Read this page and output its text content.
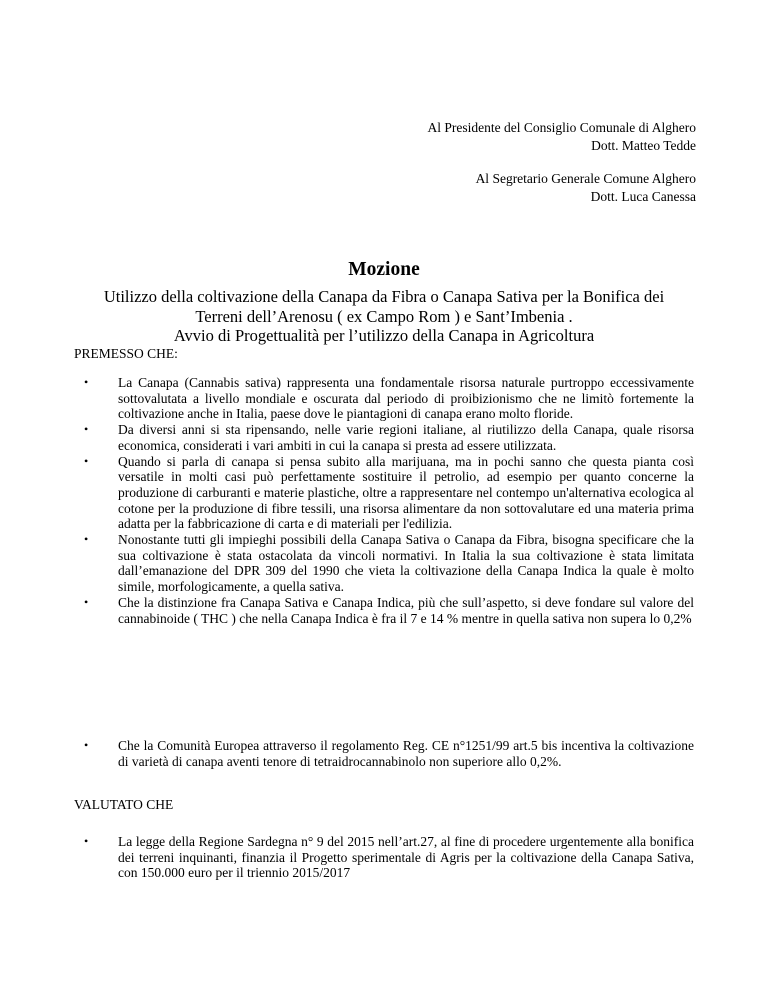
Al Presidente del Consiglio Comunale di Alghero
Dott. Matteo Tedde
Al Segretario Generale Comune Alghero
Dott. Luca Canessa
Mozione
Utilizzo della coltivazione della Canapa da Fibra o Canapa Sativa per la Bonifica dei
Terreni dell’Arenosu ( ex Campo Rom ) e Sant’Imbenia .
Avvio di Progettualità per l’utilizzo della Canapa in Agricoltura
PREMESSO CHE:
• La Canapa (Cannabis sativa) rappresenta una fondamentale risorsa naturale purtroppo eccessivamente sottovalutata a livello mondiale e oscurata dal periodo di proibizionismo che ne limitò fortemente la coltivazione anche in Italia, paese dove le piantagioni di canapa erano molto floride.
• Da diversi anni si sta ripensando, nelle varie regioni italiane, al riutilizzo della Canapa, quale risorsa economica, considerati i vari ambiti in cui la canapa si presta ad essere utilizzata.
• Quando si parla di canapa si pensa subito alla marijuana, ma in pochi sanno che questa pianta così versatile in molti casi può perfettamente sostituire il petrolio, ad esempio per quanto concerne la produzione di carburanti e materie plastiche, oltre a rappresentare nel contempo un'alternativa ecologica al cotone per la produzione di fibre tessili, una risorsa alimentare da non sottovalutare ed una materia prima adatta per la fabbricazione di carta e di materiali per l'edilizia.
• Nonostante tutti gli impieghi possibili della Canapa Sativa o Canapa da Fibra, bisogna specificare che la sua coltivazione è stata ostacolata da vincoli normativi. In Italia la sua coltivazione è stata limitata dall’emanazione del DPR 309 del 1990 che vieta la coltivazione della Canapa Indica la quale è molto simile, morfologicamente, a quella sativa.
• Che la distinzione fra Canapa Sativa e Canapa Indica, più che sull’aspetto, si deve fondare sul valore del cannabinoide ( THC ) che nella Canapa Indica è fra il 7 e 14 % mentre in quella sativa non supera lo 0,2%
• Che la Comunità Europea attraverso il regolamento Reg. CE n°1251/99 art.5 bis incentiva la coltivazione di varietà di canapa aventi tenore di tetraidrocannabinolo non superiore allo 0,2%.
VALUTATO CHE
• La legge della Regione Sardegna n° 9 del 2015 nell’art.27, al fine di procedere urgentemente alla bonifica dei terreni inquinanti, finanzia il Progetto sperimentale di Agris per la coltivazione della Canapa Sativa, con 150.000 euro per il triennio 2015/2017
